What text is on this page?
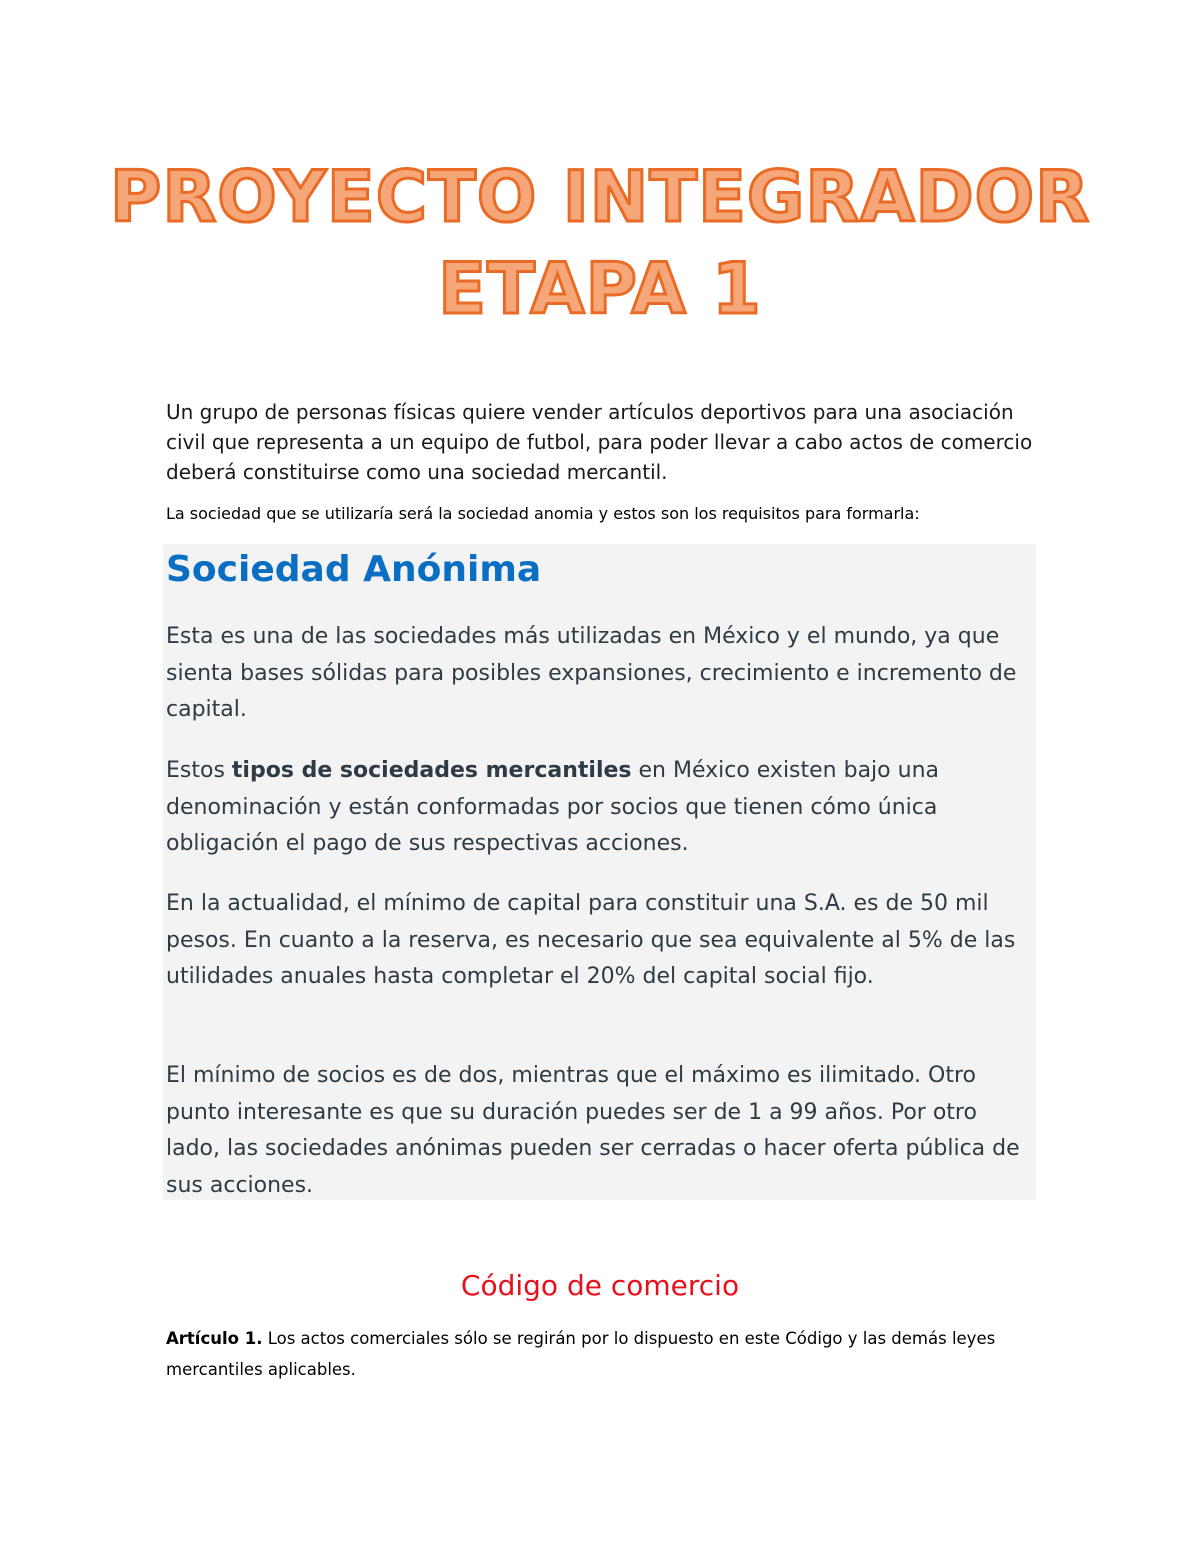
PROYECTO INTEGRADOR
ETAPA 1

Un grupo de personas físicas quiere vender artículos deportivos para una asociación civil que representa a un equipo de futbol, para poder llevar a cabo actos de comercio deberá constituirse como una sociedad mercantil.

La sociedad que se utilizaría será la sociedad anomia y estos son los requisitos para formarla:

Sociedad Anónima

Esta es una de las sociedades más utilizadas en México y el mundo, ya que sienta bases sólidas para posibles expansiones, crecimiento e incremento de capital.

Estos tipos de sociedades mercantiles en México existen bajo una denominación y están conformadas por socios que tienen cómo única obligación el pago de sus respectivas acciones.

En la actualidad, el mínimo de capital para constituir una S.A. es de 50 mil pesos. En cuanto a la reserva, es necesario que sea equivalente al 5% de las utilidades anuales hasta completar el 20% del capital social fijo.

El mínimo de socios es de dos, mientras que el máximo es ilimitado. Otro punto interesante es que su duración puedes ser de 1 a 99 años. Por otro lado, las sociedades anónimas pueden ser cerradas o hacer oferta pública de sus acciones.

Código de comercio

Artículo 1. Los actos comerciales sólo se regirán por lo dispuesto en este Código y las demás leyes mercantiles aplicables.
